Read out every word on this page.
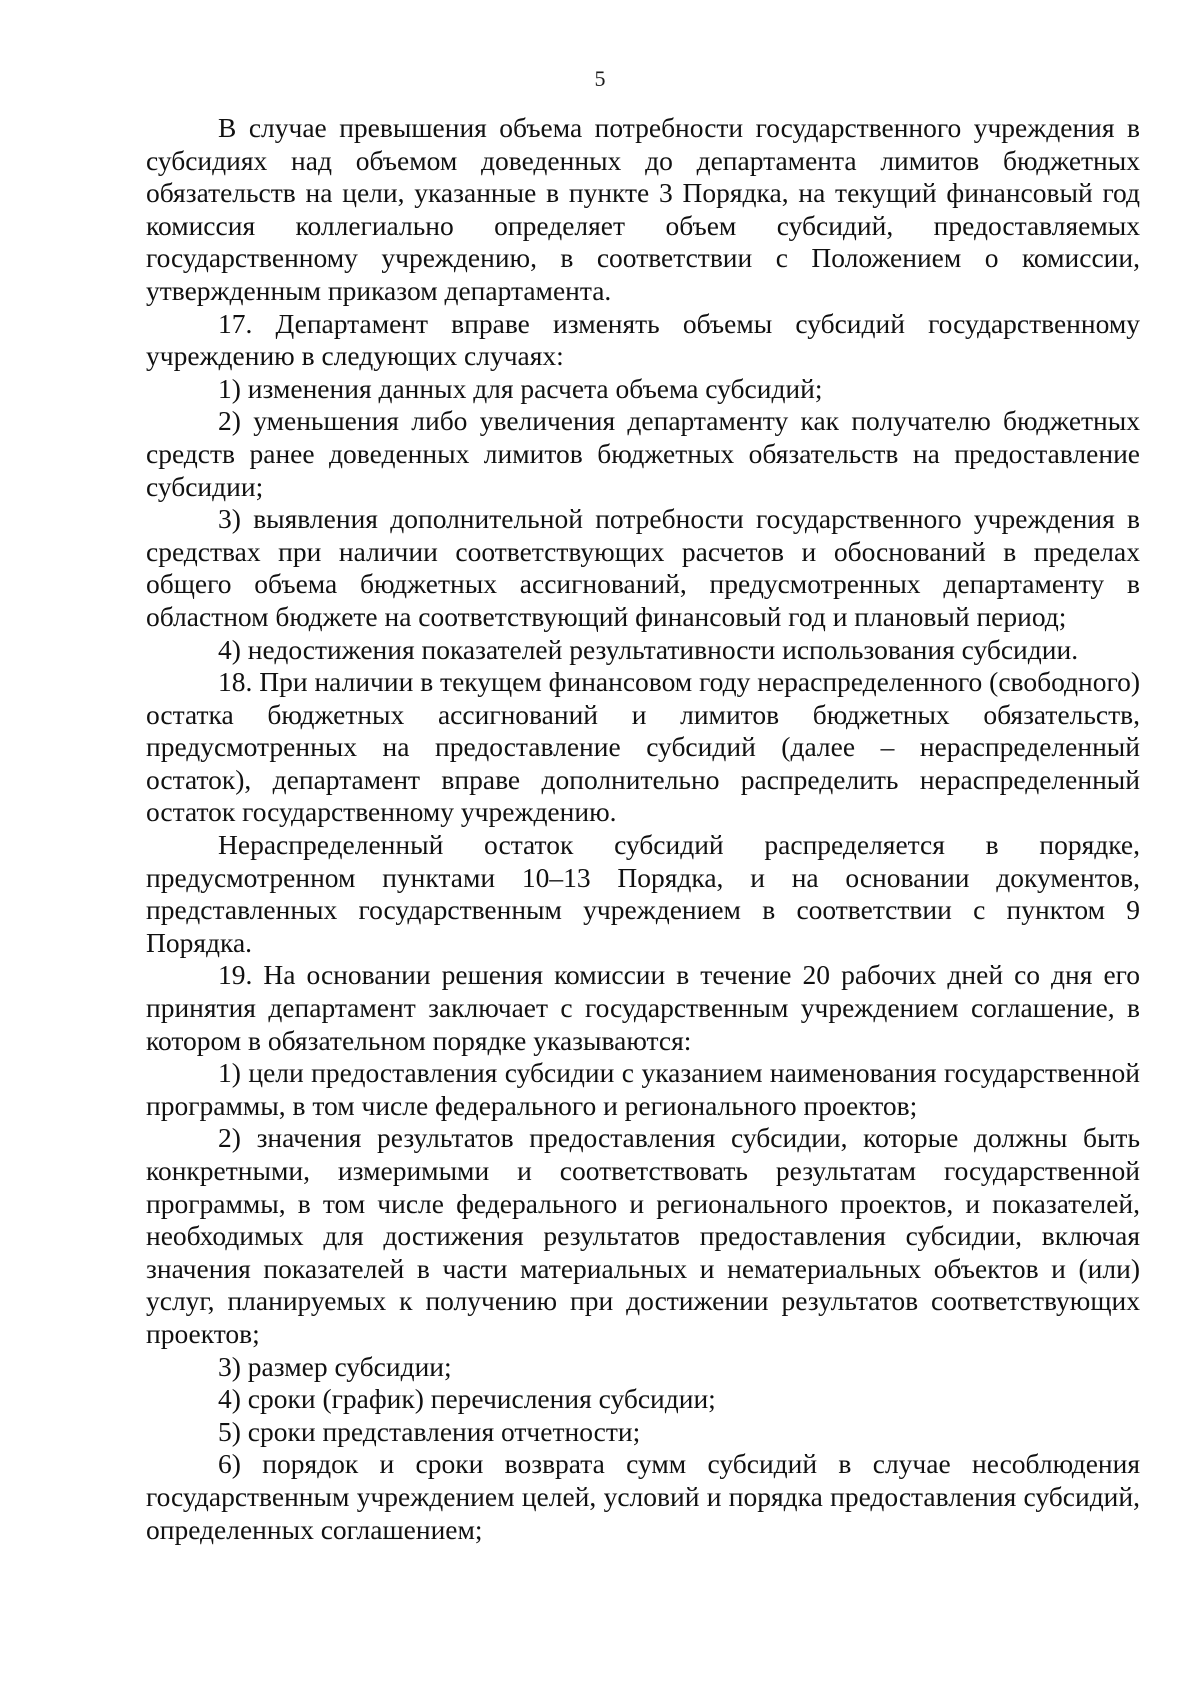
5

В случае превышения объема потребности государственного учреждения в субсидиях над объемом доведенных до департамента лимитов бюджетных обязательств на цели, указанные в пункте 3 Порядка, на текущий финансовый год комиссия коллегиально определяет объем субсидий, предоставляемых государственному учреждению, в соответствии с Положением о комиссии, утвержденным приказом департамента.

17. Департамент вправе изменять объемы субсидий государственному учреждению в следующих случаях:

1) изменения данных для расчета объема субсидий;

2) уменьшения либо увеличения департаменту как получателю бюджетных средств ранее доведенных лимитов бюджетных обязательств на предоставление субсидии;

3) выявления дополнительной потребности государственного учреждения в средствах при наличии соответствующих расчетов и обоснований в пределах общего объема бюджетных ассигнований, предусмотренных департаменту в областном бюджете на соответствующий финансовый год и плановый период;

4) недостижения показателей результативности использования субсидии.

18. При наличии в текущем финансовом году нераспределенного (свободного) остатка бюджетных ассигнований и лимитов бюджетных обязательств, предусмотренных на предоставление субсидий (далее – нераспределенный остаток), департамент вправе дополнительно распределить нераспределенный остаток государственному учреждению.

Нераспределенный остаток субсидий распределяется в порядке, предусмотренном пунктами 10–13 Порядка, и на основании документов, представленных государственным учреждением в соответствии с пунктом 9 Порядка.

19. На основании решения комиссии в течение 20 рабочих дней со дня его принятия департамент заключает с государственным учреждением соглашение, в котором в обязательном порядке указываются:

1) цели предоставления субсидии с указанием наименования государственной программы, в том числе федерального и регионального проектов;

2) значения результатов предоставления субсидии, которые должны быть конкретными, измеримыми и соответствовать результатам государственной программы, в том числе федерального и регионального проектов, и показателей, необходимых для достижения результатов предоставления субсидии, включая значения показателей в части материальных и нематериальных объектов и (или) услуг, планируемых к получению при достижении результатов соответствующих проектов;

3) размер субсидии;

4) сроки (график) перечисления субсидии;

5) сроки представления отчетности;

6) порядок и сроки возврата сумм субсидий в случае несоблюдения государственным учреждением целей, условий и порядка предоставления субсидий, определенных соглашением;
